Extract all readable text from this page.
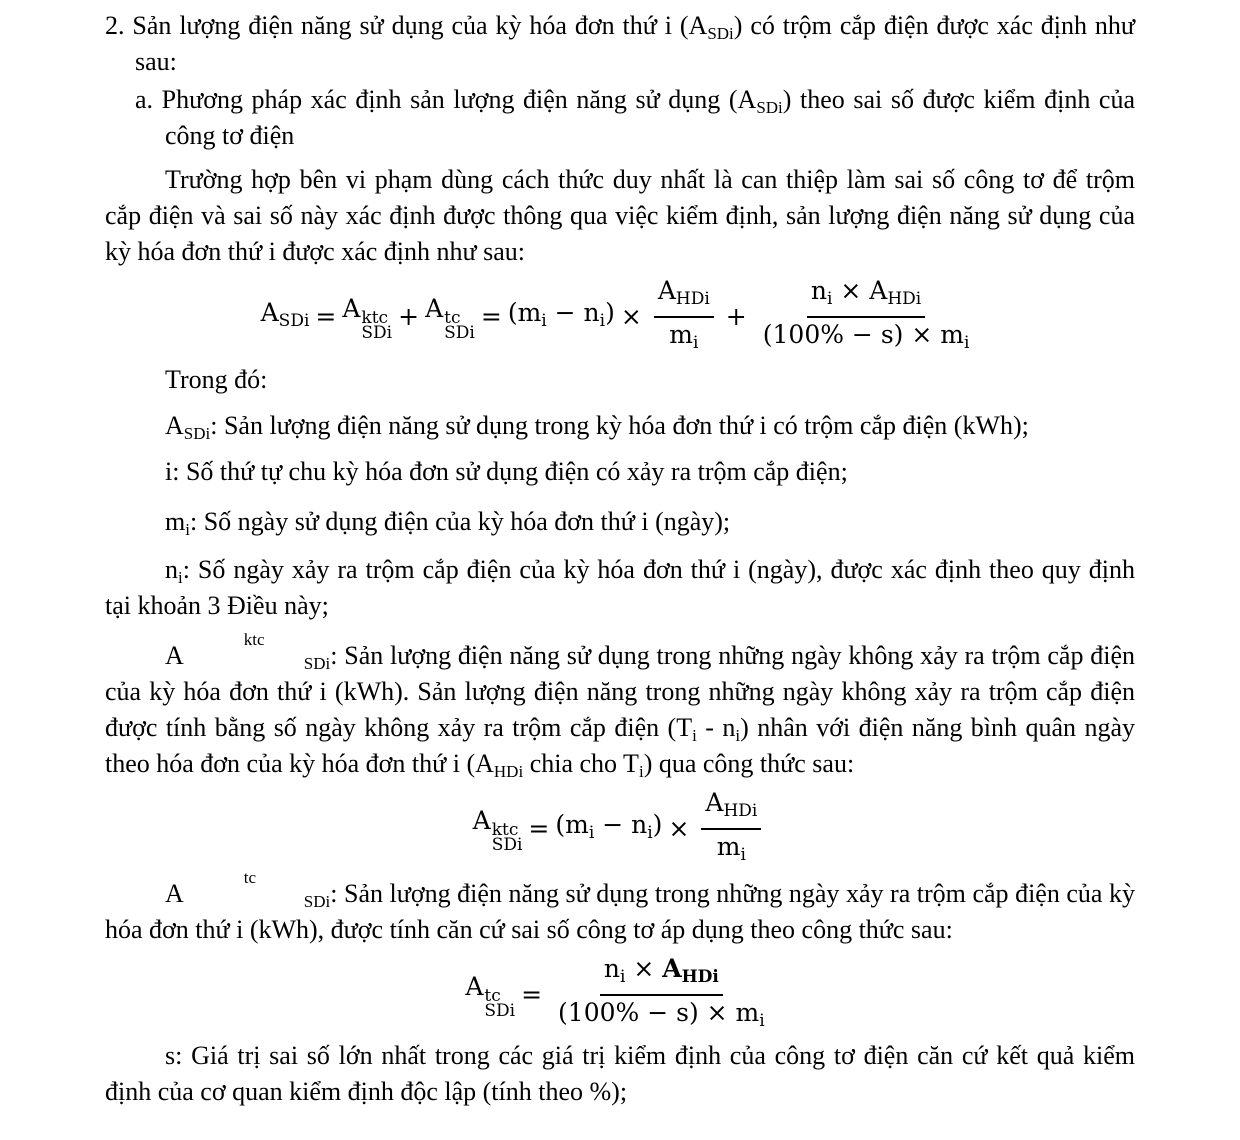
2. Sản lượng điện năng sử dụng của kỳ hóa đơn thứ i $(A_{SDi})$ có trộm cắp điện được xác định như sau:

a. Phương pháp xác định sản lượng điện năng sử dụng $(A_{SDi})$ theo sai số được kiểm định của công tơ điện

Trường hợp bên vi phạm dùng cách thức duy nhất là can thiệp làm sai số công tơ để trộm cắp điện và sai số này xác định được thông qua việc kiểm định, sản lượng điện năng sử dụng của kỳ hóa đơn thứ i được xác định như sau:

$A_{SDi} = A$ ktc
SDi
+ A tc
SDi
= $(m_i - n_i) \times \frac{A_{HDi}}{m_i} + \frac{n_i \times A_{HDi}}{(100\% - s) \times m_i}$

Trong đó:

$A_{SDi}$: Sản lượng điện năng sử dụng trong kỳ hóa đơn thứ i có trộm cắp điện (kWh);

i: Số thứ tự chu kỳ hóa đơn sử dụng điện có xảy ra trộm cắp điện;

$m_i$: Số ngày sử dụng điện của kỳ hóa đơn thứ i (ngày);

$n_i$: Số ngày xảy ra trộm cắp điện của kỳ hóa đơn thứ i (ngày), được xác định theo quy định tại khoản 3 Điều này;

A
ktc
SDi: Sản lượng điện năng sử dụng trong những ngày không xảy ra trộm cắp điện của kỳ hóa đơn thứ i (kWh). Sản lượng điện năng trong những ngày không xảy ra trộm cắp điện được tính bằng số ngày không xảy ra trộm cắp điện $(T_i - n_i)$ nhân với điện năng bình quân ngày theo hóa đơn của kỳ hóa đơn thứ i ($A_{HDi}$ chia cho $T_i$) qua công thức sau:

A ktc
SDi
= $(m_i - n_i) \times \frac{A_{HDi}}{m_i}$

A
tc
SDi: Sản lượng điện năng sử dụng trong những ngày xảy ra trộm cắp điện của kỳ hóa đơn thứ i (kWh), được tính căn cứ sai số công tơ áp dụng theo công thức sau:

A tc
SDi
= $\frac{n_i \times A_{HDi}}{(100\% - s) \times m_i}$

s: Giá trị sai số lớn nhất trong các giá trị kiểm định của công tơ điện căn cứ kết quả kiểm định của cơ quan kiểm định độc lập (tính theo %);
